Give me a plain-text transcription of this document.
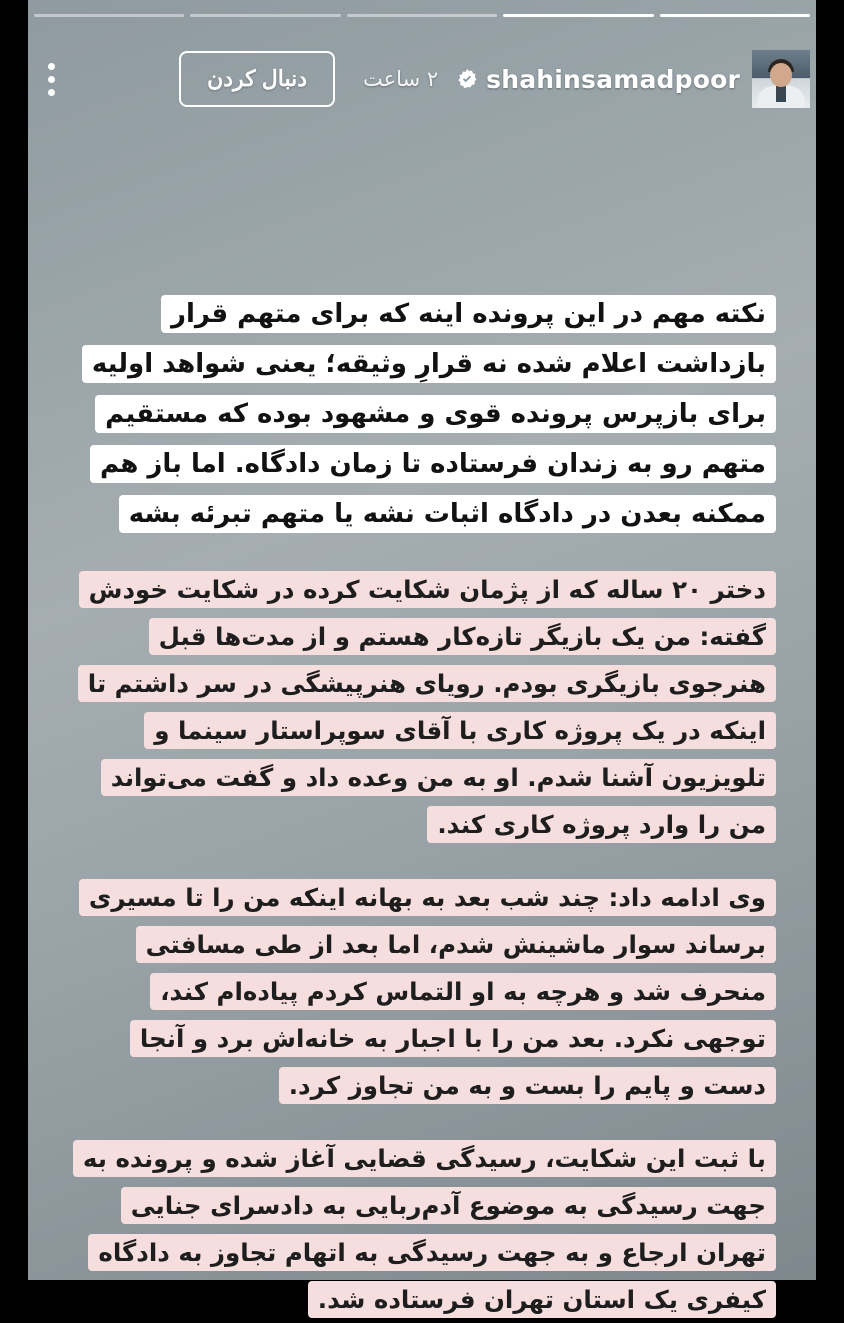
shahinsamadpoor
۲ ساعت
دنبال کردن
نکته مهم در این پرونده اینه که برای متهم قرار
بازداشت اعلام شده نه قرارِ وثیقه؛ یعنی شواهد اولیه
برای بازپرس پرونده قوی و مشهود بوده که مستقیم
متهم رو به زندان فرستاده تا زمان دادگاه. اما باز هم
ممکنه بعدن در دادگاه اثبات نشه یا متهم تبرئه بشه
دختر ۲۰ ساله که از پژمان شکایت کرده در شکایت خودش
گفته: من یک بازیگر تازه‌کار هستم و از مدت‌ها قبل
هنرجوی بازیگری بودم. رویای هنرپیشگی در سر داشتم تا
اینکه در یک پروژه کاری با آقای سوپراستار سینما و
تلویزیون آشنا شدم. او به من وعده داد و گفت می‌تواند
من را وارد پروژه کاری کند.
وی ادامه داد: چند شب بعد به بهانه اینکه من را تا مسیری
برساند سوار ماشینش شدم، اما بعد از طی مسافتی
منحرف شد و هرچه به او التماس کردم پیاده‌ام کند،
توجهی نکرد. بعد من را با اجبار به خانه‌اش برد و آنجا
دست و پایم را بست و به من تجاوز کرد.
با ثبت این شکایت، رسیدگی قضایی آغاز شده و پرونده به
جهت رسیدگی به موضوع آدم‌ربایی به دادسرای جنایی
تهران ارجاع و به جهت رسیدگی به اتهام تجاوز به دادگاه
کیفری یک استان تهران فرستاده شد.
